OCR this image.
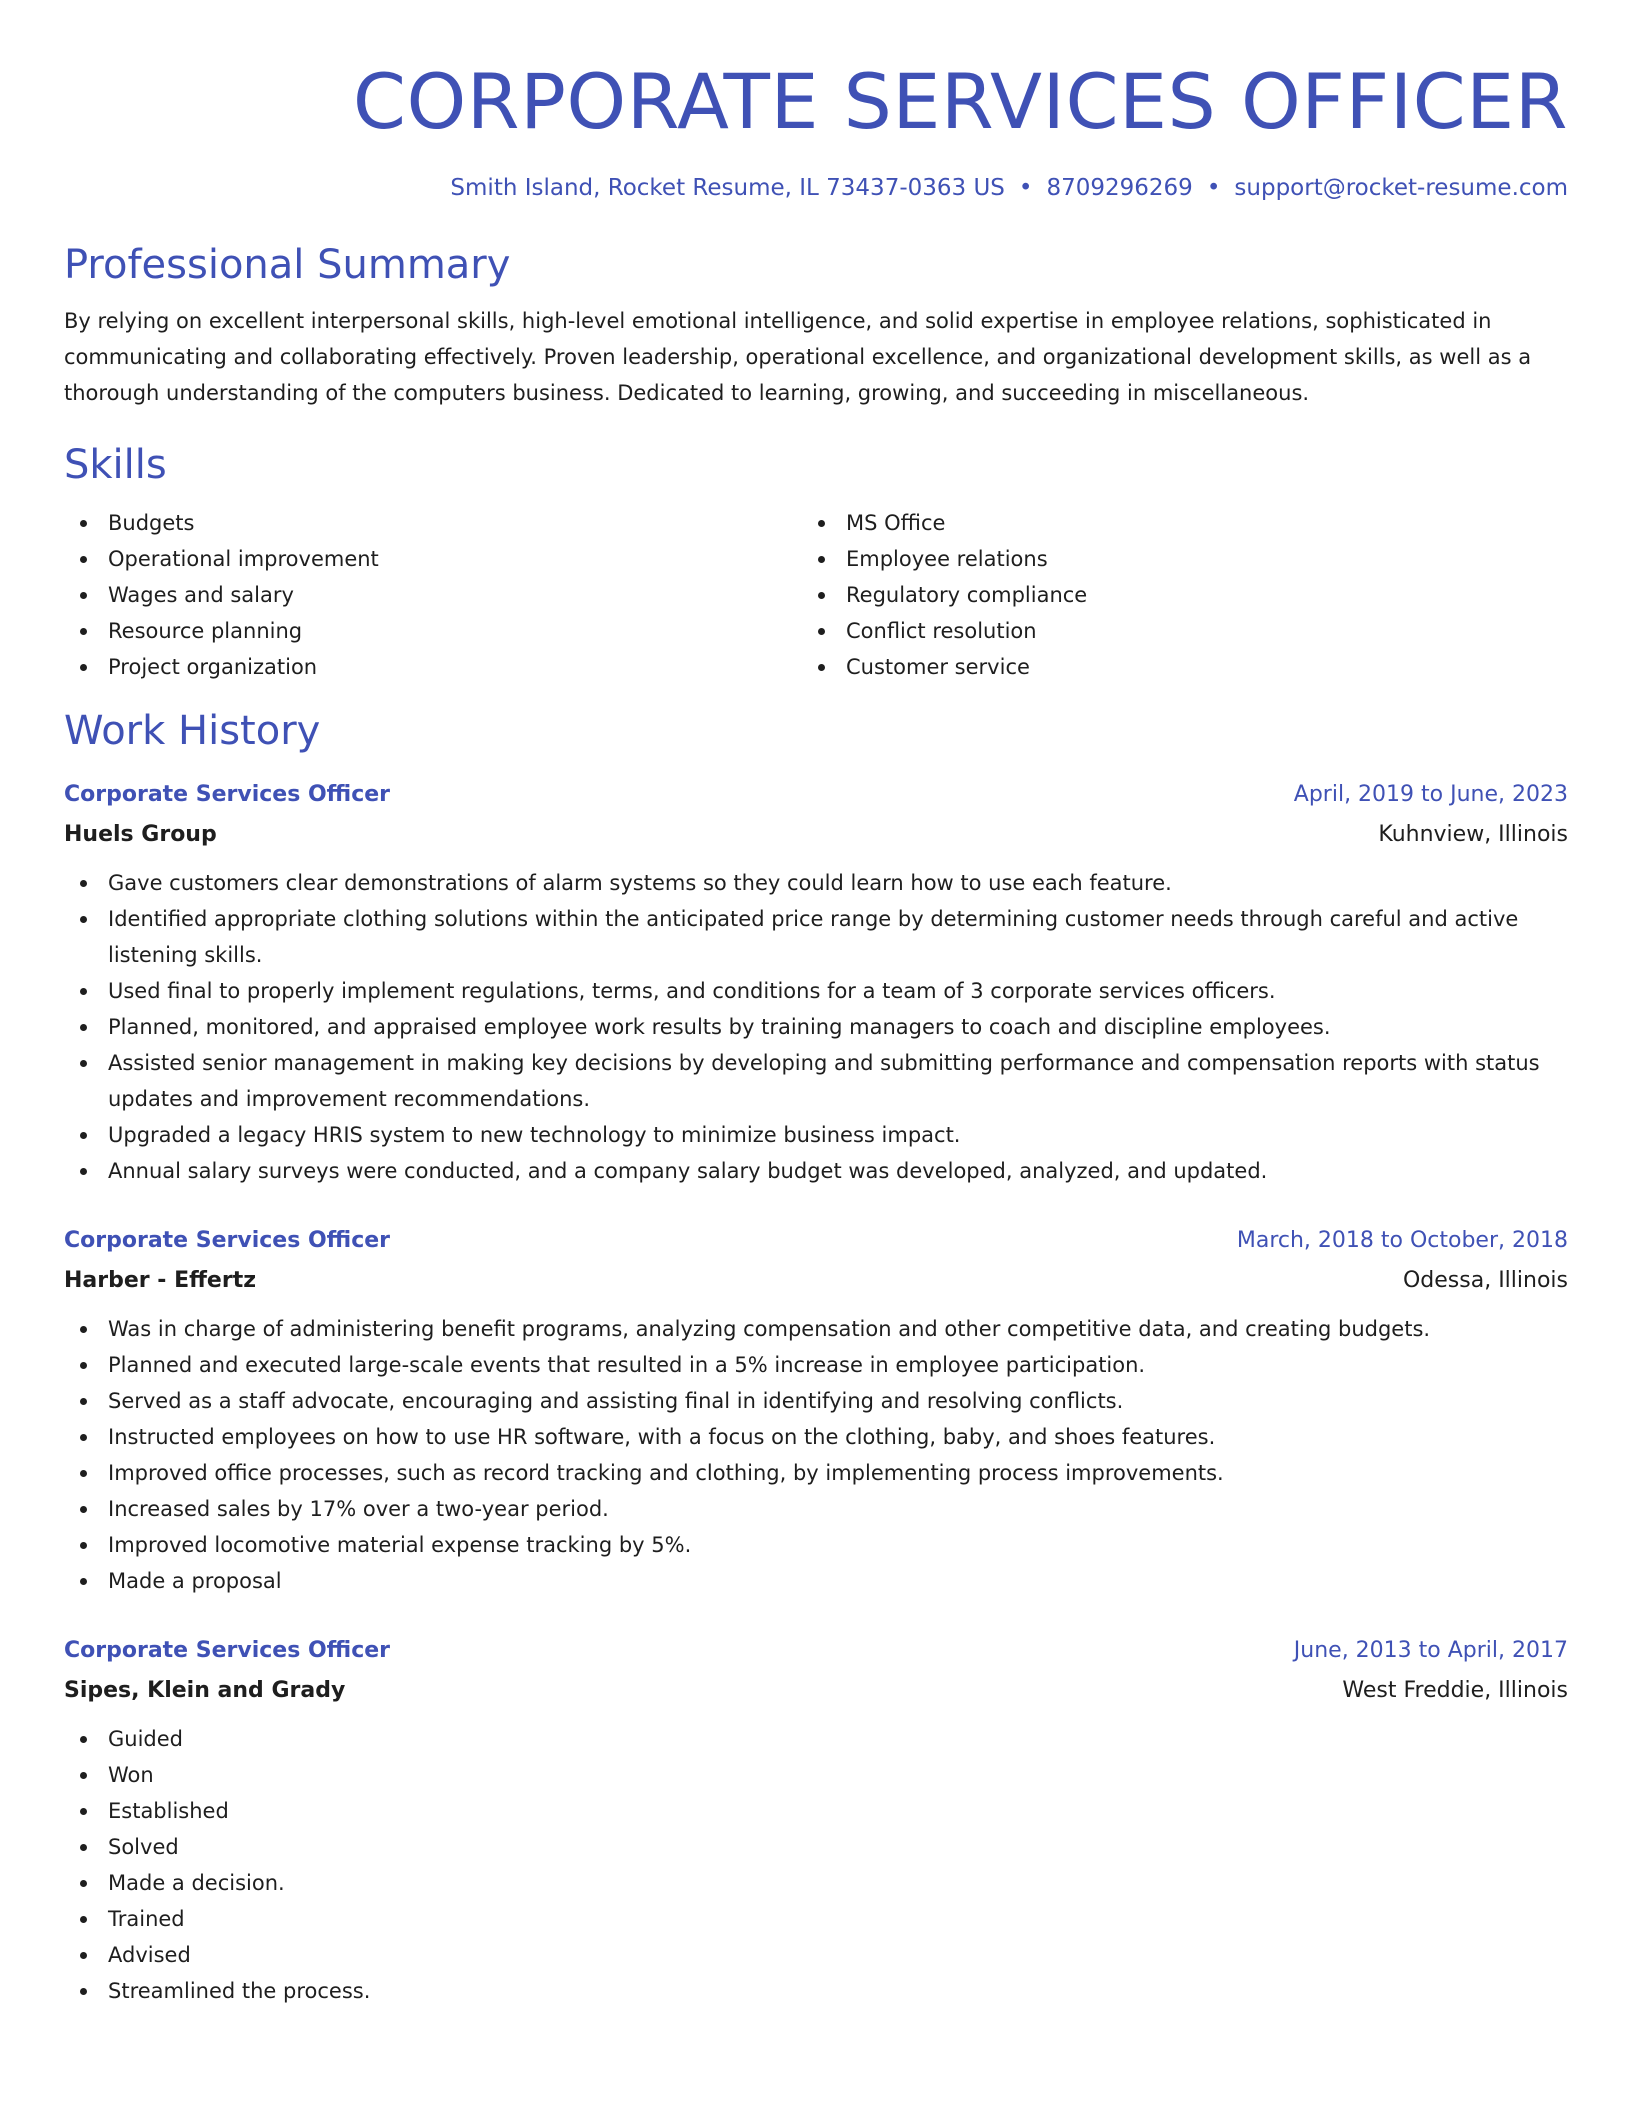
CORPORATE SERVICES OFFICER
Smith Island, Rocket Resume, IL 73437-0363 US • 8709296269 • support@rocket-resume.com
Professional Summary

By relying on excellent interpersonal skills, high-level emotional intelligence, and solid expertise in employee relations, sophisticated in communicating and collaborating effectively. Proven leadership, operational excellence, and organizational development skills, as well as a thorough understanding of the computers business. Dedicated to learning, growing, and succeeding in miscellaneous.

Skills
Budgets
Operational improvement
Wages and salary
Resource planning
Project organization
MS Office
Employee relations
Regulatory compliance
Conflict resolution
Customer service
Work History
Corporate Services Officer	April, 2019 to June, 2023
Huels Group	Kuhnview, Illinois
Gave customers clear demonstrations of alarm systems so they could learn how to use each feature.
Identified appropriate clothing solutions within the anticipated price range by determining customer needs through careful and active listening skills.
Used final to properly implement regulations, terms, and conditions for a team of 3 corporate services officers.
Planned, monitored, and appraised employee work results by training managers to coach and discipline employees.
Assisted senior management in making key decisions by developing and submitting performance and compensation reports with status updates and improvement recommendations.
Upgraded a legacy HRIS system to new technology to minimize business impact.
Annual salary surveys were conducted, and a company salary budget was developed, analyzed, and updated.
Corporate Services Officer	March, 2018 to October, 2018
Harber - Effertz	Odessa, Illinois
Was in charge of administering benefit programs, analyzing compensation and other competitive data, and creating budgets.
Planned and executed large-scale events that resulted in a 5% increase in employee participation.
Served as a staff advocate, encouraging and assisting final in identifying and resolving conflicts.
Instructed employees on how to use HR software, with a focus on the clothing, baby, and shoes features.
Improved office processes, such as record tracking and clothing, by implementing process improvements.
Increased sales by 17% over a two-year period.
Improved locomotive material expense tracking by 5%.
Made a proposal
Corporate Services Officer	June, 2013 to April, 2017
Sipes, Klein and Grady	West Freddie, Illinois
Guided
Won
Established
Solved
Made a decision.
Trained
Advised
Streamlined the process.
